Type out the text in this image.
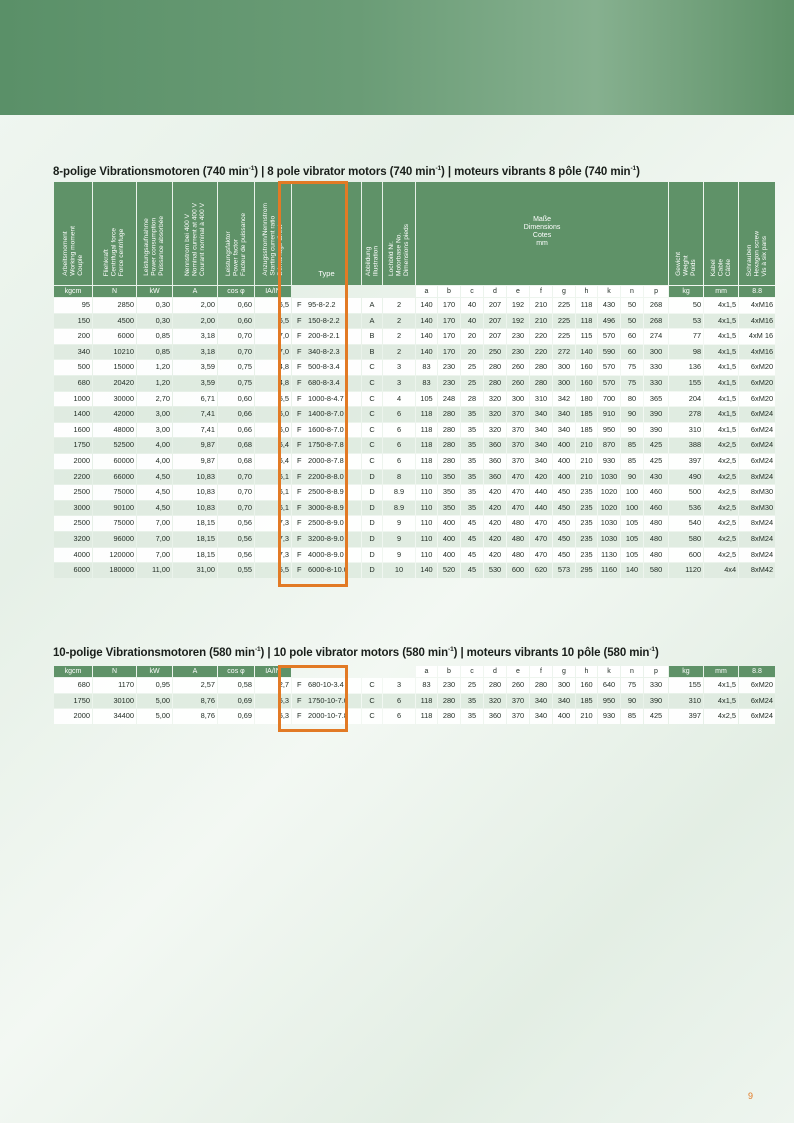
8-polige Vibrationsmotoren (740 $\min^{-1}$) | 8 pole vibrator motors (740 $\min^{-1}$) | moteurs vibrants 8 pôle (740 $\min^{-1}$)
Arbeitsmoment
Working moment
Couple	Fliehkraft
Centrifugal force
Force centrifuge	Leistungsaufnahme
Power consumption
Puissance absorbée	Nennstrom bei 400 V
Nominal current at 400 V
Courant nominal à 400 V	Leistungsfaktor
Power factor
Facteur de puissance	Anzugsstrom/Nennstrom
Starting current ratio
Démarrage direct	Type	Abbildung
Illustration	Lochbild Nr.
Motorbase No.
Dimensions pieds	Maße
Dimensions
Cotes
mm											Gewicht
Weight
Poids	Kabel
Cable
Câble	Schrauben
Hexagon screw
Vis à six pans
kgcm	N	kW	A	cos φ	IA/IN				a	b	c	d	e	f	g	h	k	n	p	kg	mm	8.8
95	2850	0,30	2,00	0,60	6,5	F 95-8-2.2	A	2	140	170	40	207	192	210	225	118	430	50	268	50	4x1,5	4xM16
150	4500	0,30	2,00	0,60	6,5	F 150-8-2.2	A	2	140	170	40	207	192	210	225	118	496	50	268	53	4x1,5	4xM16
200	6000	0,85	3,18	0,70	7,0	F 200-8-2.1	B	2	140	170	20	207	230	220	225	115	570	60	274	77	4x1,5	4xM 16
340	10210	0,85	3,18	0,70	7,0	F 340-8-2.3	B	2	140	170	20	250	230	220	272	140	590	60	300	98	4x1,5	4xM16
500	15000	1,20	3,59	0,75	4,8	F 500-8-3.4	C	3	83	230	25	280	260	280	300	160	570	75	330	136	4x1,5	6xM20
680	20420	1,20	3,59	0,75	4,8	F 680-8-3.4	C	3	83	230	25	280	260	280	300	160	570	75	330	155	4x1,5	6xM20
1000	30000	2,70	6,71	0,60	5,5	F 1000-8-4.7	C	4	105	248	28	320	300	310	342	180	700	80	365	204	4x1,5	6xM20
1400	42000	3,00	7,41	0,66	6,0	F 1400-8-7.0	C	6	118	280	35	320	370	340	340	185	910	90	390	278	4x1,5	6xM24
1600	48000	3,00	7,41	0,66	6,0	F 1600-8-7.0	C	6	118	280	35	320	370	340	340	185	950	90	390	310	4x1,5	6xM24
1750	52500	4,00	9,87	0,68	6,4	F 1750-8-7.8	C	6	118	280	35	360	370	340	400	210	870	85	425	388	4x2,5	6xM24
2000	60000	4,00	9,87	0,68	6,4	F 2000-8-7.8	C	6	118	280	35	360	370	340	400	210	930	85	425	397	4x2,5	6xM24
2200	66000	4,50	10,83	0,70	6,1	F 2200-8-8.0	D	8	110	350	35	360	470	420	400	210	1030	90	430	490	4x2,5	8xM24
2500	75000	4,50	10,83	0,70	6,1	F 2500-8-8.9	D	8.9	110	350	35	420	470	440	450	235	1020	100	460	500	4x2,5	8xM30
3000	90100	4,50	10,83	0,70	6,1	F 3000-8-8.9	D	8.9	110	350	35	420	470	440	450	235	1020	100	460	536	4x2,5	8xM30
2500	75000	7,00	18,15	0,56	7,3	F 2500-8-9.0	D	9	110	400	45	420	480	470	450	235	1030	105	480	540	4x2,5	8xM24
3200	96000	7,00	18,15	0,56	7,3	F 3200-8-9.0	D	9	110	400	45	420	480	470	450	235	1030	105	480	580	4x2,5	8xM24
4000	120000	7,00	18,15	0,56	7,3	F 4000-8-9.0	D	9	110	400	45	420	480	470	450	235	1130	105	480	600	4x2,5	8xM24
6000	180000	11,00	31,00	0,55	5,5	F 6000-8-10.0	D	10	140	520	45	530	600	620	573	295	1160	140	580	1120	4x4	8xM42
10-polige Vibrationsmotoren (580 $\min^{-1}$) | 10 pole vibrator motors (580 $\min^{-1}$) | moteurs vibrants 10 pôle (580 $\min^{-1}$)
kgcm	N	kW	A	cos φ	IA/IN				a	b	c	d	e	f	g	h	k	n	p	kg	mm	8.8
680	1170	0,95	2,57	0,58	2,7	F 680-10-3.4	C	3	83	230	25	280	260	280	300	160	640	75	330	155	4x1,5	6xM20
1750	30100	5,00	8,76	0,69	5,3	F 1750-10-7.0	C	6	118	280	35	320	370	340	340	185	950	90	390	310	4x1,5	6xM24
2000	34400	5,00	8,76	0,69	5,3	F 2000-10-7.8	C	6	118	280	35	360	370	340	400	210	930	85	425	397	4x2,5	6xM24
9
